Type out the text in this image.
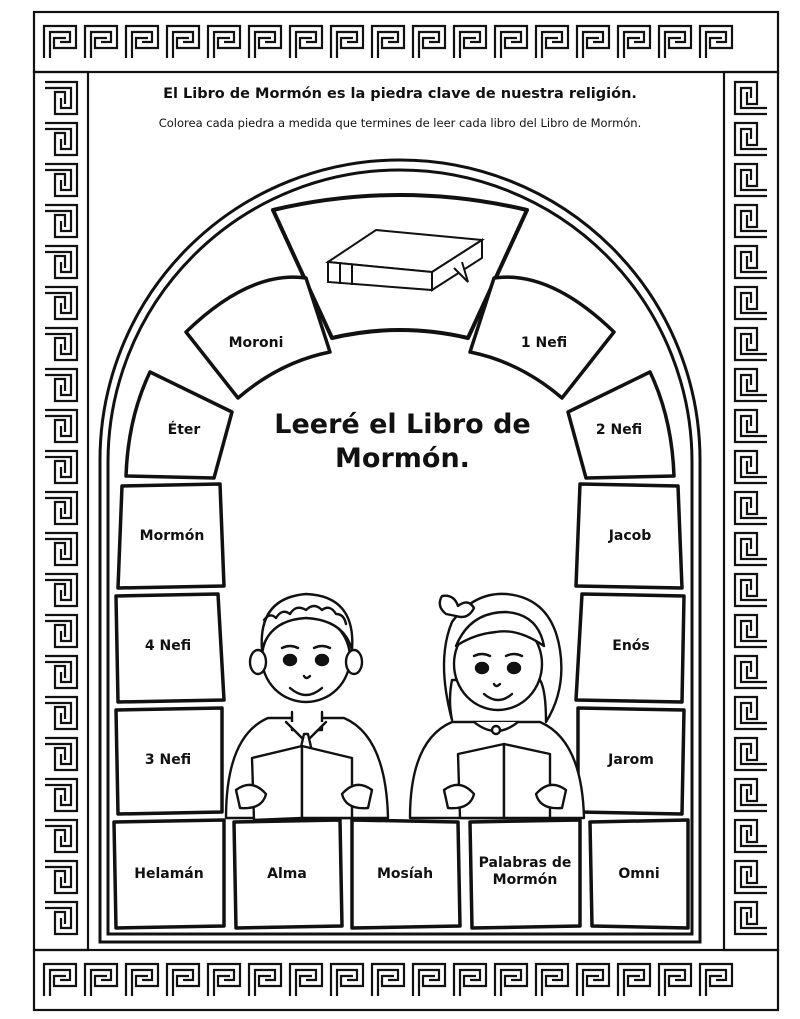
El Libro de Mormón es la piedra clave de nuestra religión.
Colorea cada piedra a medida que termines de leer cada libro del Libro de Mormón.
Leeré el Libro de Mormón.
Moroni	1 Nefi
Éter	2 Nefi
Mormón	Jacob
4 Nefi	Enós
3 Nefi	Jarom
Helamán	Alma	Mosíah
Palabras de Mormón	Omni
